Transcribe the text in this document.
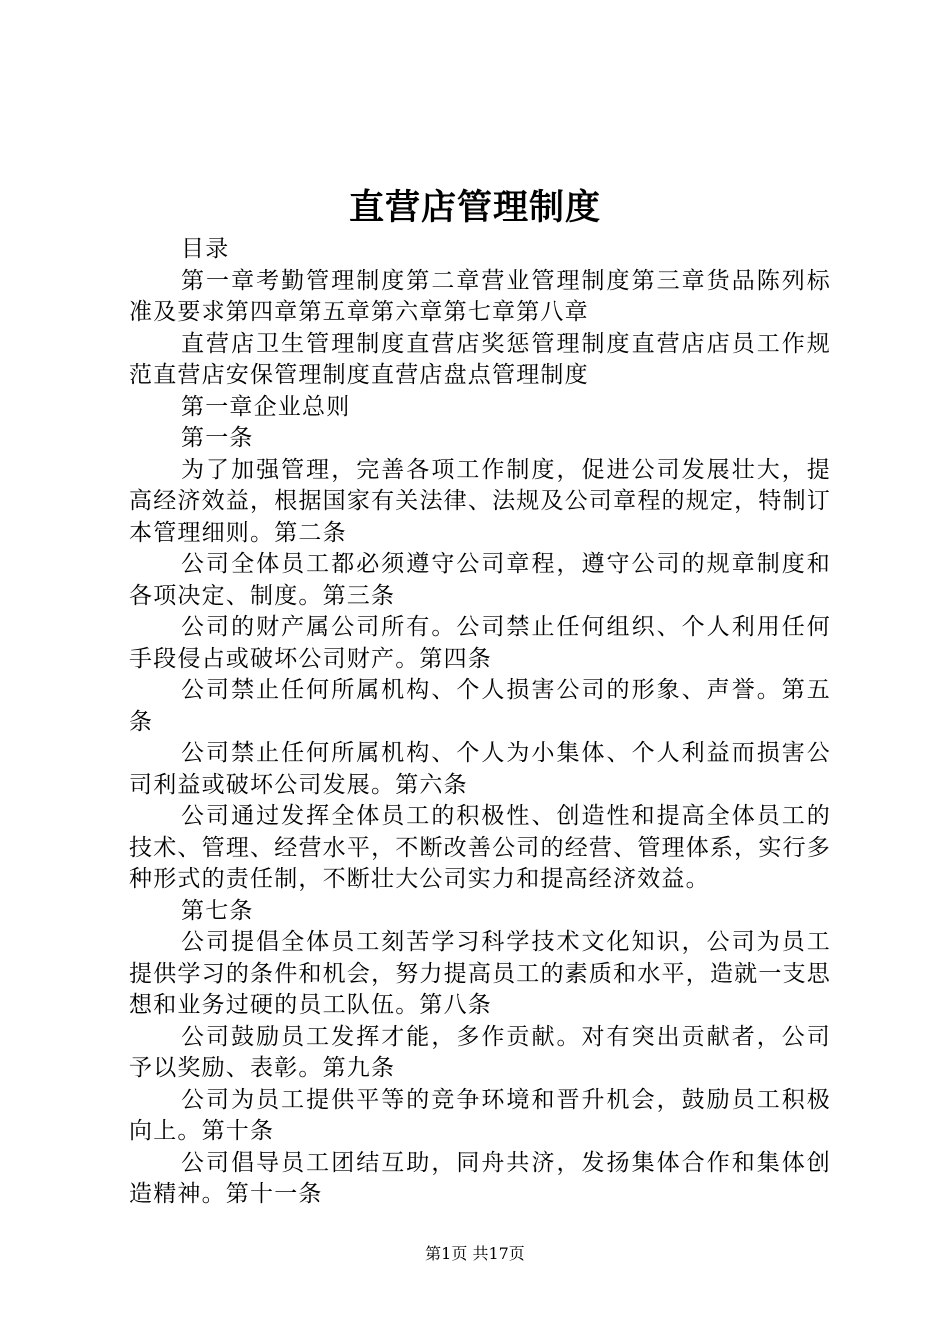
直营店管理制度

目录

第一章考勤管理制度第二章营业管理制度第三章货品陈列标准及要求第四章第五章第六章第七章第八章

直营店卫生管理制度直营店奖惩管理制度直营店店员工作规范直营店安保管理制度直营店盘点管理制度

第一章企业总则

第一条

为了加强管理，完善各项工作制度，促进公司发展壮大，提高经济效益，根据国家有关法律、法规及公司章程的规定，特制订本管理细则。第二条

公司全体员工都必须遵守公司章程，遵守公司的规章制度和各项决定、制度。第三条

公司的财产属公司所有。公司禁止任何组织、个人利用任何手段侵占或破坏公司财产。第四条

公司禁止任何所属机构、个人损害公司的形象、声誉。第五条

公司禁止任何所属机构、个人为小集体、个人利益而损害公司利益或破坏公司发展。第六条

公司通过发挥全体员工的积极性、创造性和提高全体员工的技术、管理、经营水平，不断改善公司的经营、管理体系，实行多种形式的责任制，不断壮大公司实力和提高经济效益。

第七条

公司提倡全体员工刻苦学习科学技术文化知识，公司为员工提供学习的条件和机会，努力提高员工的素质和水平，造就一支思想和业务过硬的员工队伍。第八条

公司鼓励员工发挥才能，多作贡献。对有突出贡献者，公司予以奖励、表彰。第九条

公司为员工提供平等的竞争环境和晋升机会，鼓励员工积极向上。第十条

公司倡导员工团结互助，同舟共济，发扬集体合作和集体创造精神。第十一条

第1页 共17页
